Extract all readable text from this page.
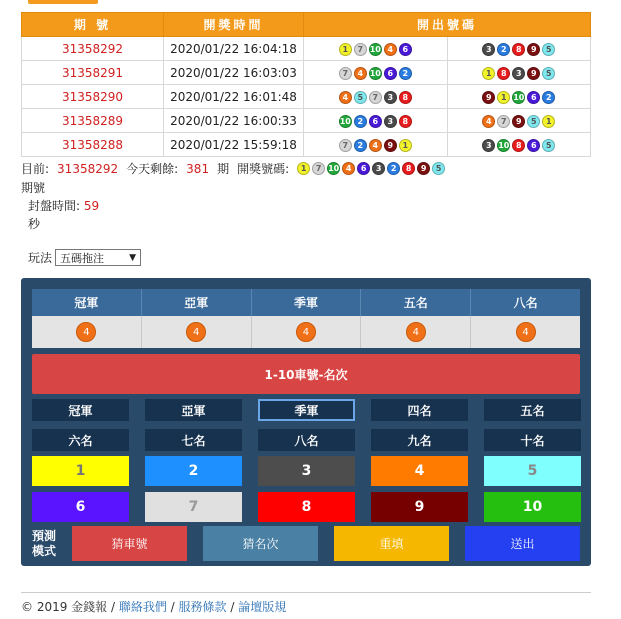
期 號	開獎時間	開出號碼	
31358292	2020/01/22 16:04:18	1 7 10 4 6	3 2 8 9 5

31358291	2020/01/22 16:03:03	7 4 10 6 2	1 8 3 9 5

31358290	2020/01/22 16:01:48	4 5 7 3 8	9 1 10 6 2

31358289	2020/01/22 16:00:33	10 2 6 3 8	4 7 9 5 1

31358288	2020/01/22 15:59:18	7 2 4 9 1	3 10 8 6 5
目前: 31358292 今天剩餘: 381 期 開獎號碼:	1	7 10 4	6	3	2	8	9	5
期號
封盤時間: 59
秒
玩法 五碼拖注	▼
冠軍	亞軍	季軍	五名	八名
4	4	4	4	4
1-10車號-名次
冠軍	亞軍	季軍	四名	五名
六名	七名	八名	九名	十名
1	2	3	4	5
6	7	8	9	10
預測
模式	猜車號	猜名次	重填	送出
© 2019 金錢報 / 聯絡我們 / 服務條款 / 論壇版規
